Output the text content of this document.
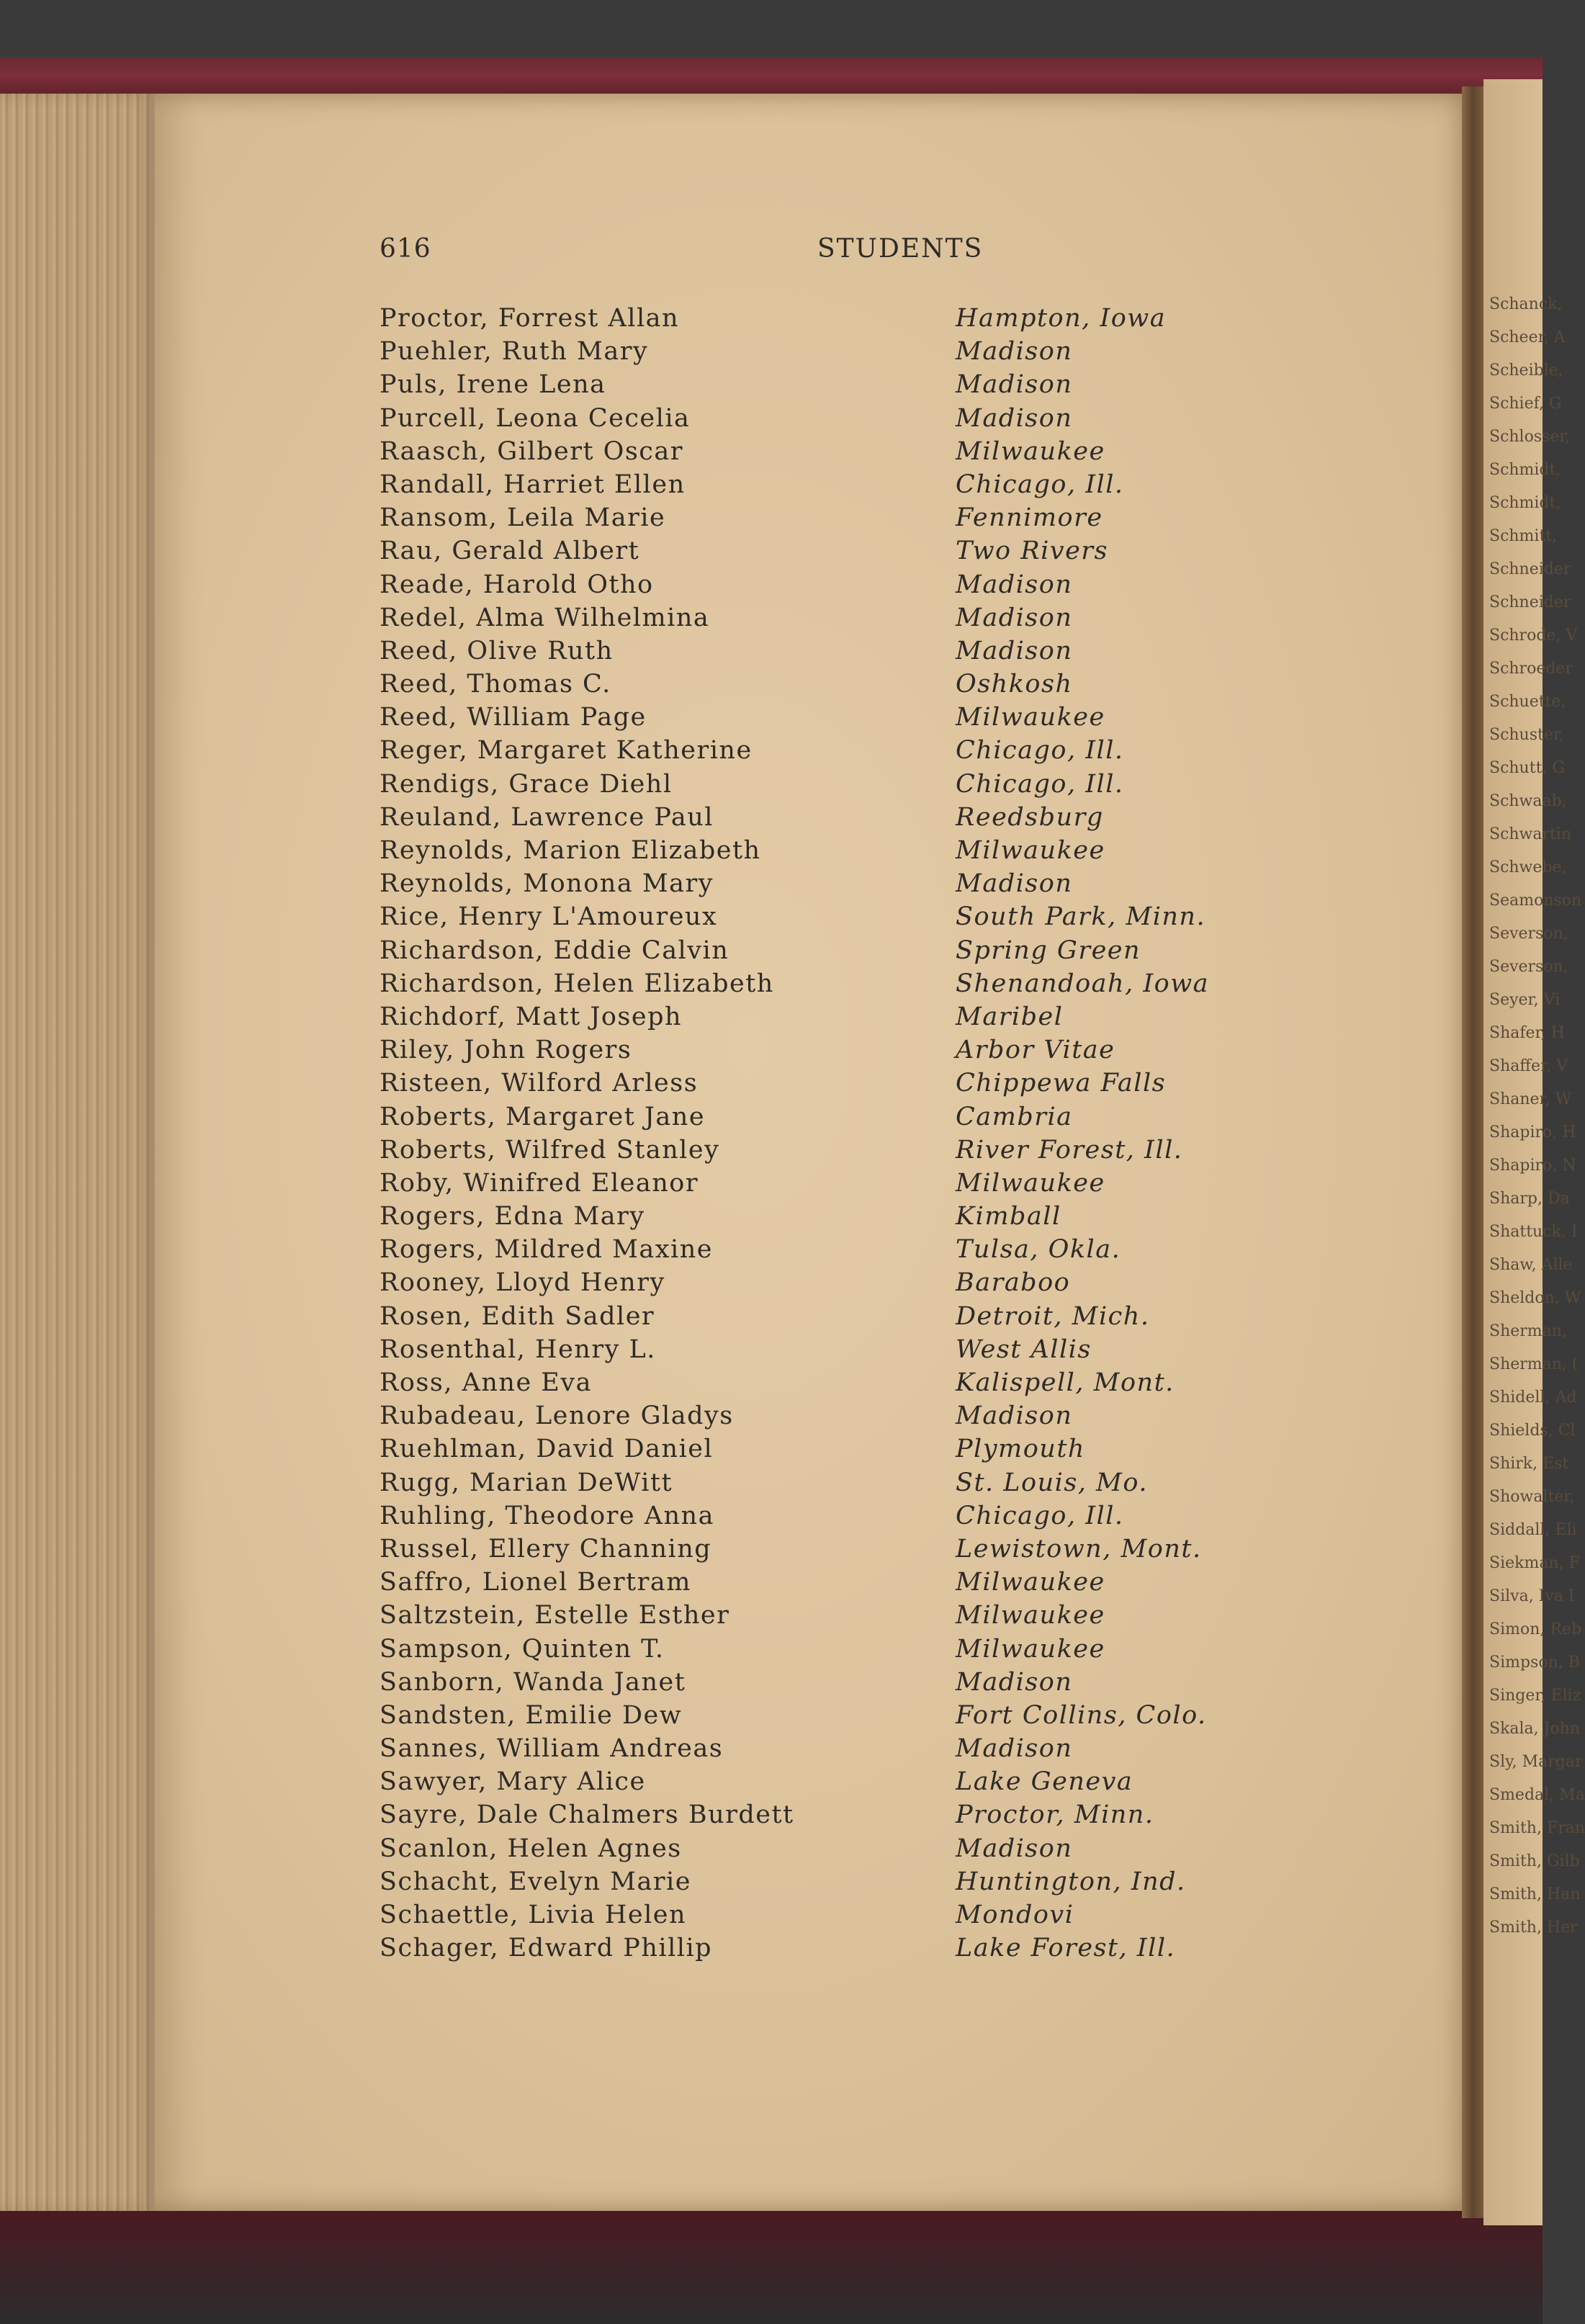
Schanck,
Scheer, A
Scheible,
Schief, G
Schlosser,
Schmidt,
Schmidt,
Schmitt,
Schneider
Schneider
Schrode, V
Schroeder
Schuette,
Schuster,
Schutt, G
Schwaab,
Schwartin
Schwebe,
Seamonson
Severson,
Severson,
Seyer, Vi
Shafer, H
Shaffer, V
Shaner, W
Shapiro, H
Shapiro, N
Sharp, Da
Shattuck, I
Shaw, Alle
Sheldon, W
Sherman,
Sherman, (
Shidell, Ad
Shields, Cl
Shirk, Est
Showalter,
Siddall, Eli
Siekman, F
Silva, Iva I
Simon, Reb
Simpson, B
Singer, Eliz
Skala, John
Sly, Margar
Smedal, Ma
Smith, Fran
Smith, Gilb
Smith, Han
Smith, Her
616	STUDENTS
Proctor, Forrest Allan	Hampton, Iowa
Puehler, Ruth Mary	Madison
Puls, Irene Lena	Madison
Purcell, Leona Cecelia	Madison
Raasch, Gilbert Oscar	Milwaukee
Randall, Harriet Ellen	Chicago, Ill.
Ransom, Leila Marie	Fennimore
Rau, Gerald Albert	Two Rivers
Reade, Harold Otho	Madison
Redel, Alma Wilhelmina	Madison
Reed, Olive Ruth	Madison
Reed, Thomas C.	Oshkosh
Reed, William Page	Milwaukee
Reger, Margaret Katherine	Chicago, Ill.
Rendigs, Grace Diehl	Chicago, Ill.
Reuland, Lawrence Paul	Reedsburg
Reynolds, Marion Elizabeth	Milwaukee
Reynolds, Monona Mary	Madison
Rice, Henry L'Amoureux	South Park, Minn.
Richardson, Eddie Calvin	Spring Green
Richardson, Helen Elizabeth	Shenandoah, Iowa
Richdorf, Matt Joseph	Maribel
Riley, John Rogers	Arbor Vitae
Risteen, Wilford Arless	Chippewa Falls
Roberts, Margaret Jane	Cambria
Roberts, Wilfred Stanley	River Forest, Ill.
Roby, Winifred Eleanor	Milwaukee
Rogers, Edna Mary	Kimball
Rogers, Mildred Maxine	Tulsa, Okla.
Rooney, Lloyd Henry	Baraboo
Rosen, Edith Sadler	Detroit, Mich.
Rosenthal, Henry L.	West Allis
Ross, Anne Eva	Kalispell, Mont.
Rubadeau, Lenore Gladys	Madison
Ruehlman, David Daniel	Plymouth
Rugg, Marian DeWitt	St. Louis, Mo.
Ruhling, Theodore Anna	Chicago, Ill.
Russel, Ellery Channing	Lewistown, Mont.
Saffro, Lionel Bertram	Milwaukee
Saltzstein, Estelle Esther	Milwaukee
Sampson, Quinten T.	Milwaukee
Sanborn, Wanda Janet	Madison
Sandsten, Emilie Dew	Fort Collins, Colo.
Sannes, William Andreas	Madison
Sawyer, Mary Alice	Lake Geneva
Sayre, Dale Chalmers Burdett	Proctor, Minn.
Scanlon, Helen Agnes	Madison
Schacht, Evelyn Marie	Huntington, Ind.
Schaettle, Livia Helen	Mondovi
Schager, Edward Phillip	Lake Forest, Ill.
